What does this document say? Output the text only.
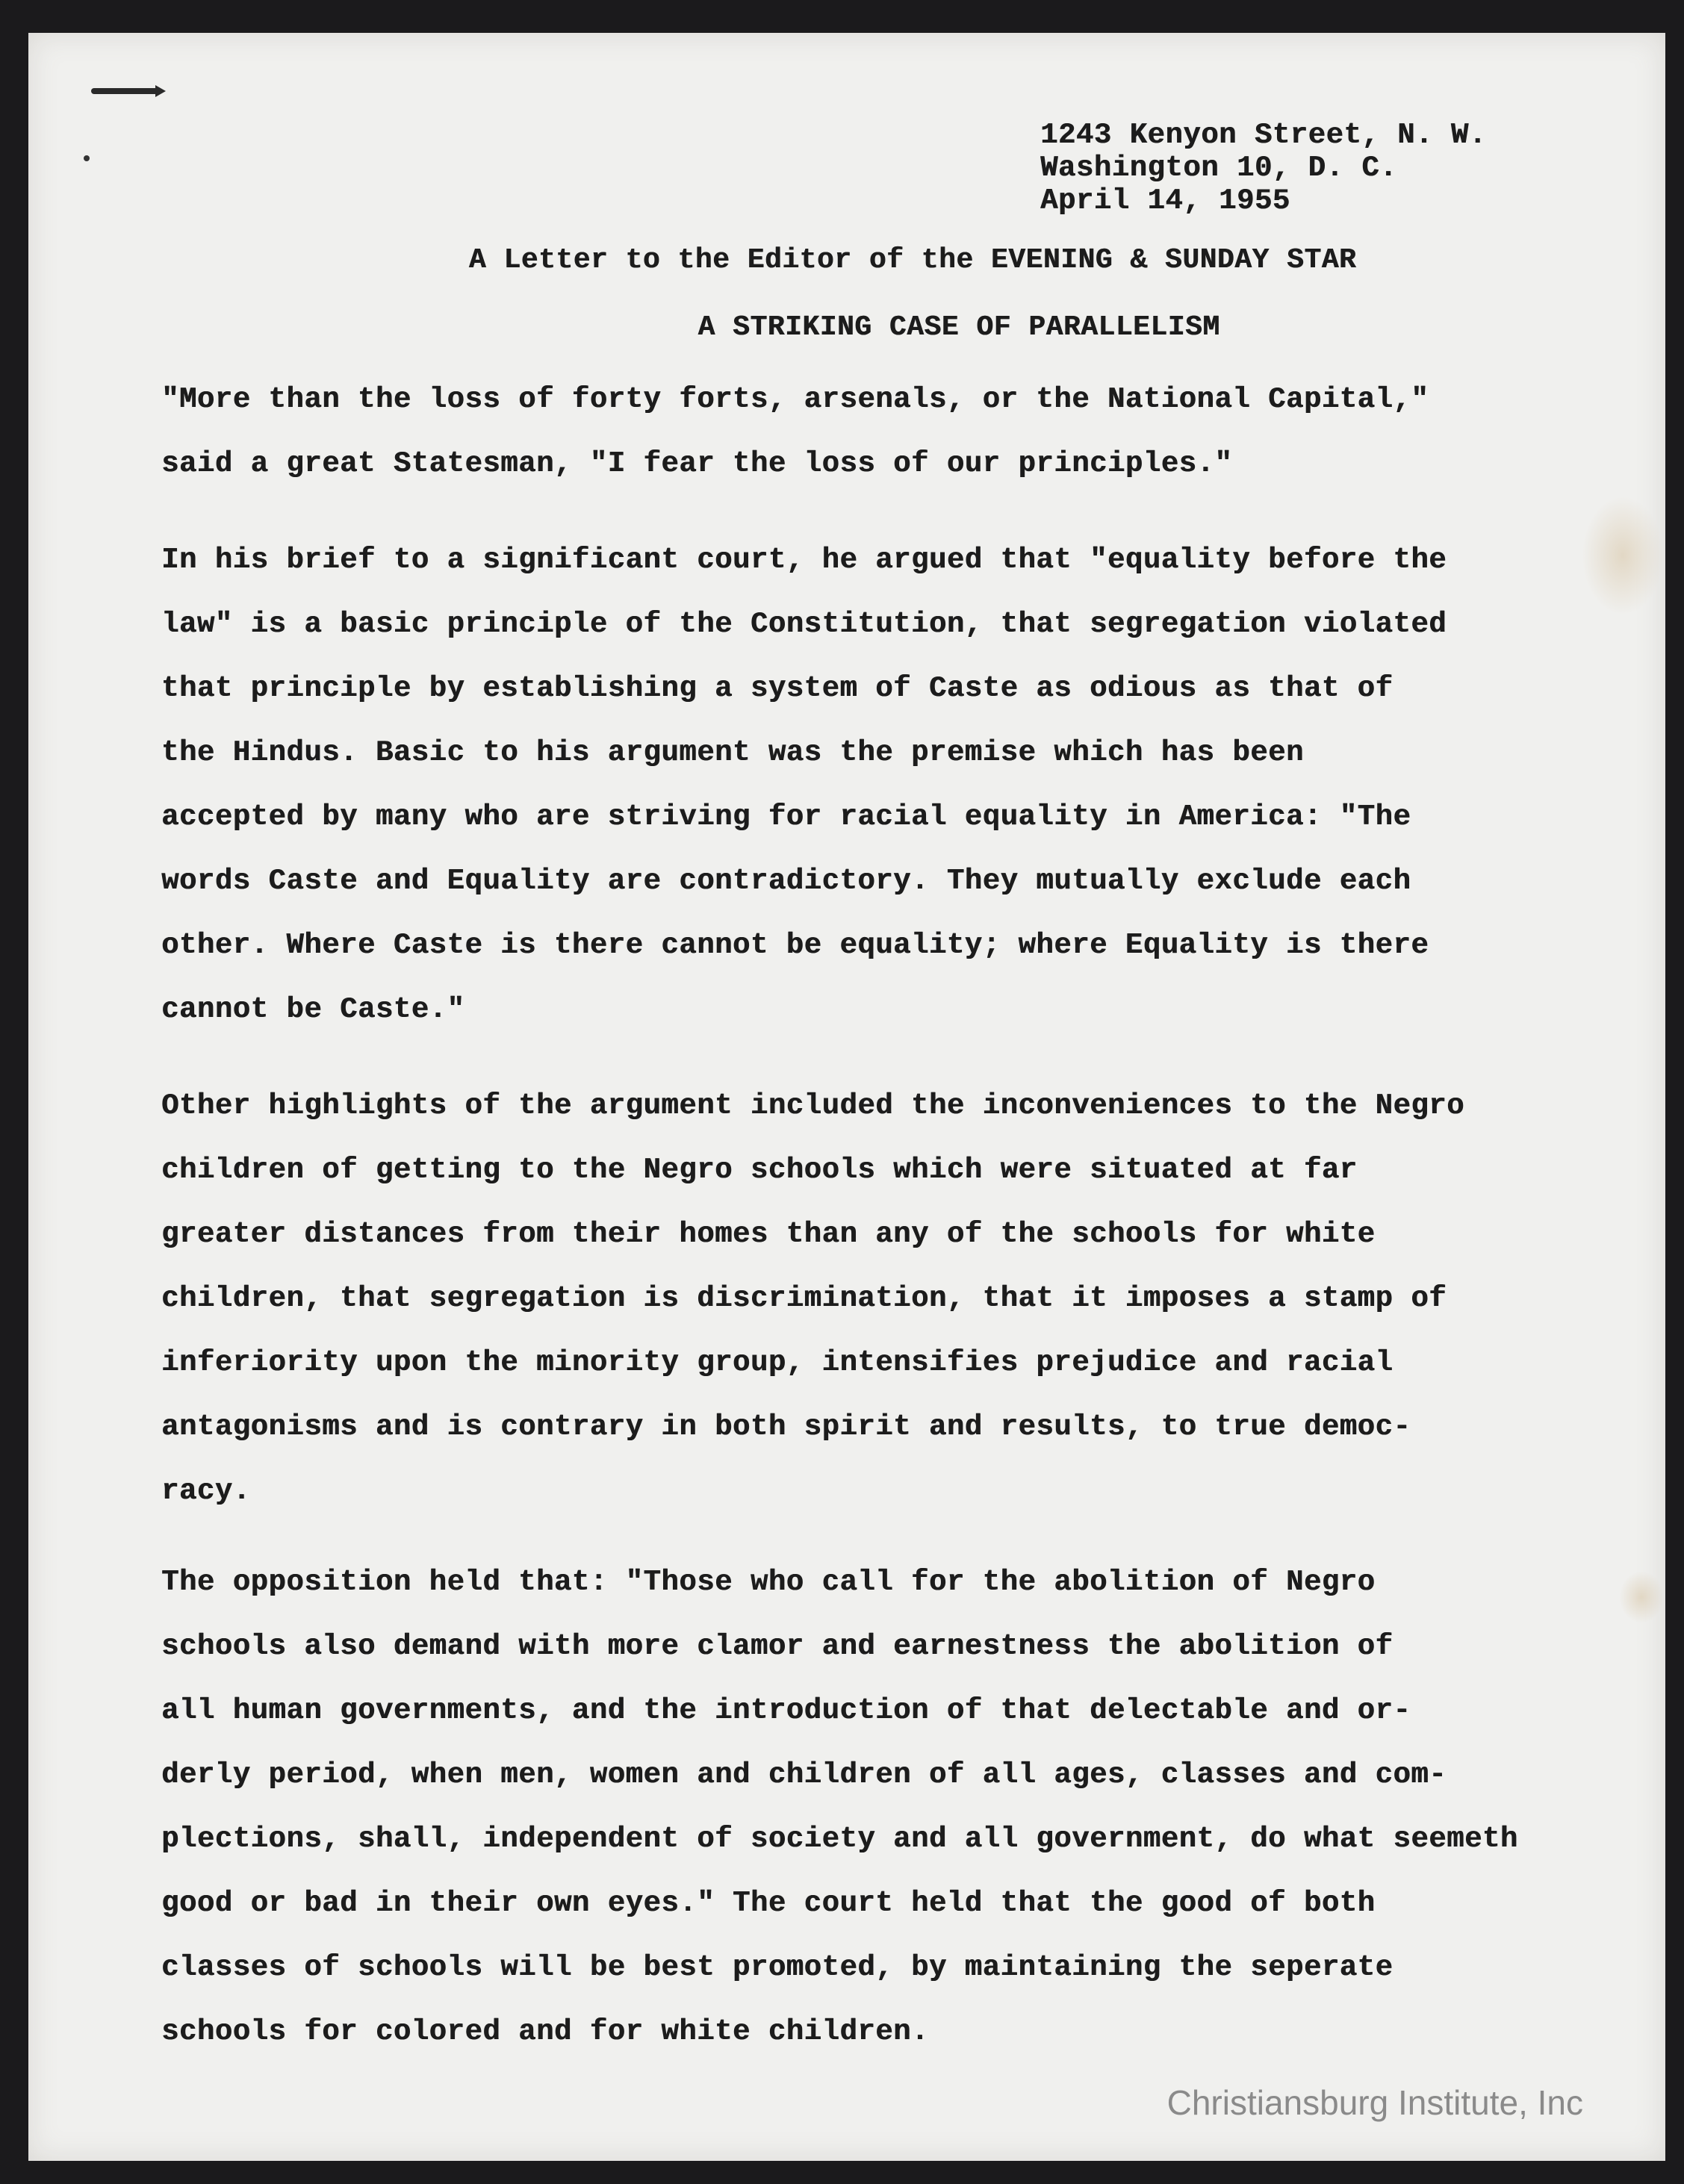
1243 Kenyon Street, N. W.
Washington 10, D. C.
April 14, 1955
A Letter to the Editor of the EVENING & SUNDAY STAR
A STRIKING CASE OF PARALLELISM
"More than the loss of forty forts, arsenals, or the National Capital,"
said a great Statesman, "I fear the loss of our principles."
In his brief to a significant court, he argued that "equality before the
law" is a basic principle of the Constitution, that segregation violated
that principle by establishing a system of Caste as odious as that of
the Hindus. Basic to his argument was the premise which has been
accepted by many who are striving for racial equality in America: "The
words Caste and Equality are contradictory. They mutually exclude each
other. Where Caste is there cannot be equality; where Equality is there
cannot be Caste."
Other highlights of the argument included the inconveniences to the Negro
children of getting to the Negro schools which were situated at far
greater distances from their homes than any of the schools for white
children, that segregation is discrimination, that it imposes a stamp of
inferiority upon the minority group, intensifies prejudice and racial
antagonisms and is contrary in both spirit and results, to true democ-
racy.
The opposition held that: "Those who call for the abolition of Negro
schools also demand with more clamor and earnestness the abolition of
all human governments, and the introduction of that delectable and or-
derly period, when men, women and children of all ages, classes and com-
plections, shall, independent of society and all government, do what seemeth
good or bad in their own eyes." The court held that the good of both
classes of schools will be best promoted, by maintaining the seperate
schools for colored and for white children.
Christiansburg Institute, Inc
